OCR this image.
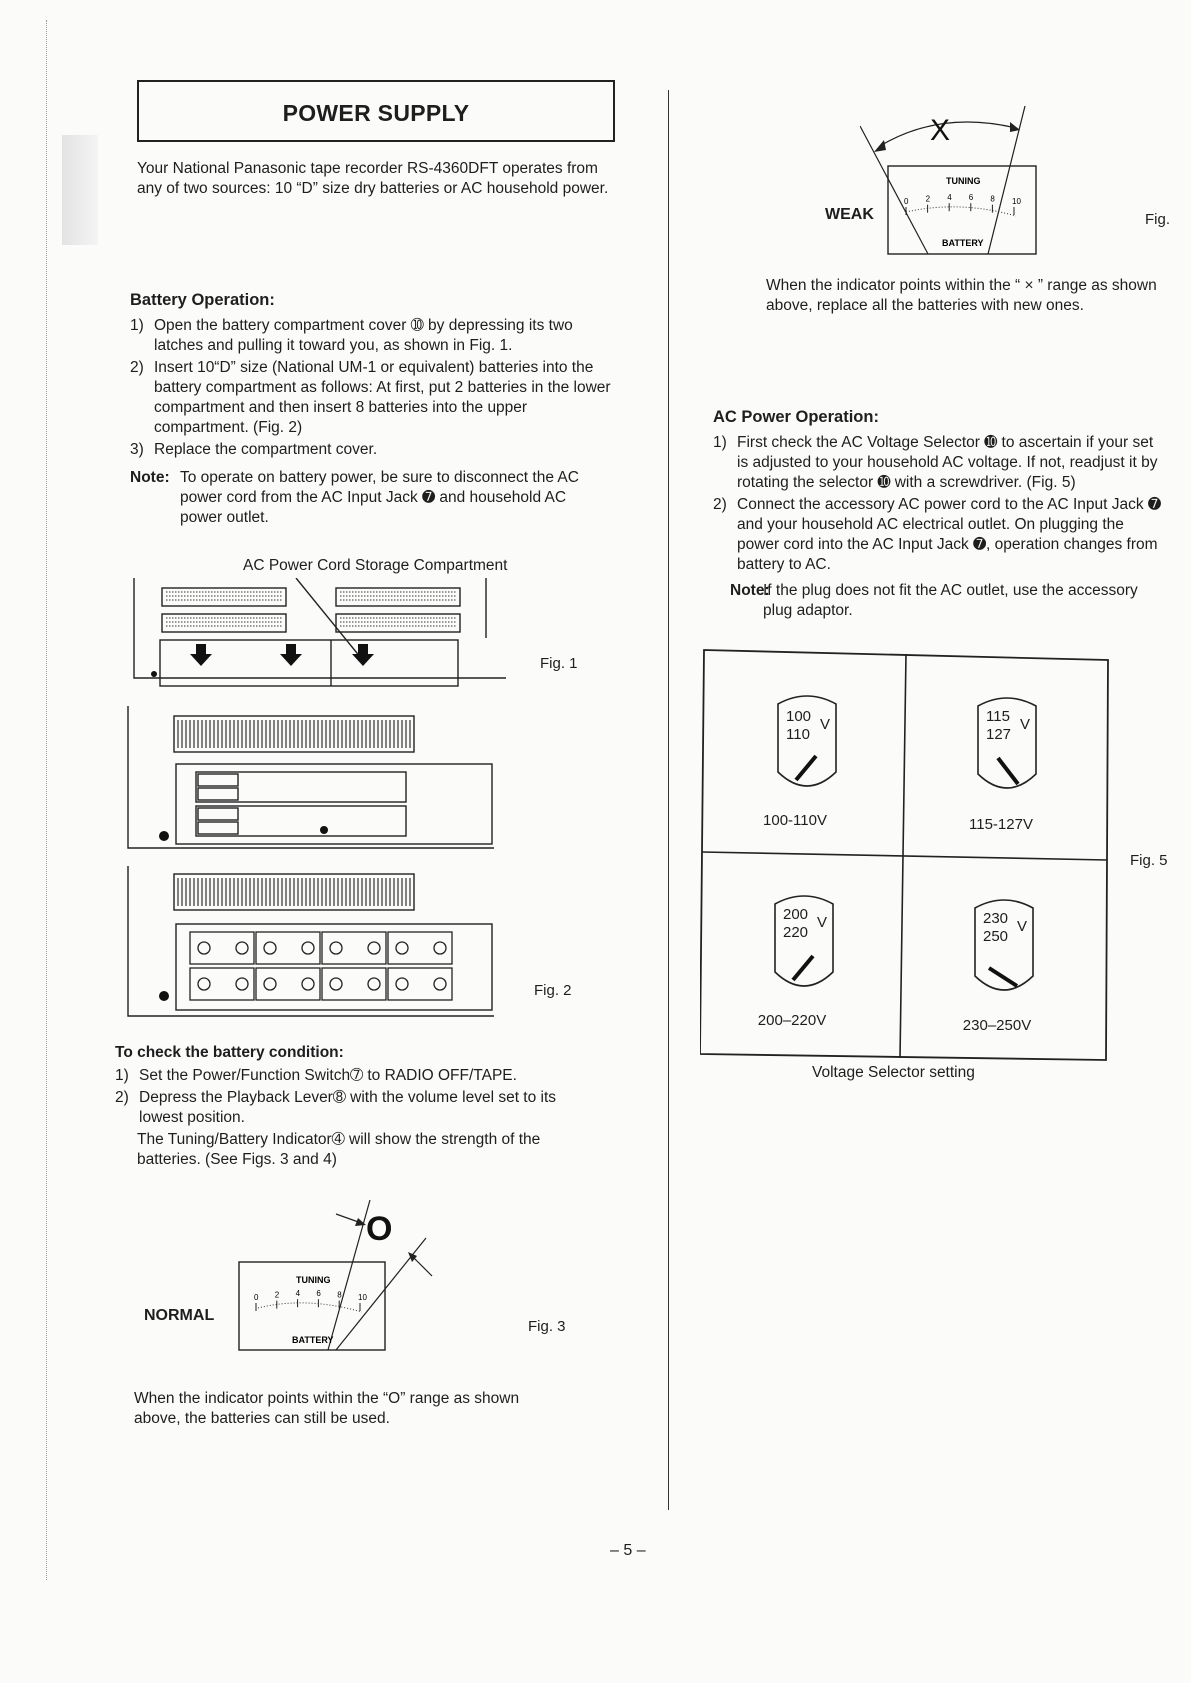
POWER SUPPLY
Your National Panasonic tape recorder RS-4360DFT operates from any of two sources: 10 “D” size dry batteries or AC household power.
Battery Operation:
1) Open the battery compartment cover ➉ by depressing its two latches and pulling it toward you, as shown in Fig. 1.
2) Insert 10“D” size (National UM-1 or equivalent) batteries into the battery compartment as follows: At first, put 2 batteries in the lower compartment and then insert 8 batteries into the upper compartment. (Fig. 2)
3) Replace the compartment cover.
Note: To operate on battery power, be sure to disconnect the AC power cord from the AC Input Jack ➐ and household AC power outlet.
AC Power Cord Storage Compartment
Fig. 1
Fig. 2
To check the battery condition:
1) Set the Power/Function Switch➆ to RADIO OFF/TAPE.
2) Depress the Playback Lever➇ with the volume level set to its lowest position.
The Tuning/Battery Indicator➃ will show the strength of the batteries. (See Figs. 3 and 4)
NORMAL
O
TUNING
0 2 4 6 8 10
BATTERY
Fig. 3
When the indicator points within the “O” range as shown above, the batteries can still be used.
WEAK
X
TUNING
0 2 4 6 8 10
BATTERY
Fig.
When the indicator points within the “ × ” range as shown above, replace all the batteries with new ones.
AC Power Operation:
1) First check the AC Voltage Selector ➓ to ascertain if your set is adjusted to your household AC voltage. If not, readjust it by rotating the selector ➓ with a screwdriver. (Fig. 5)
2) Connect the accessory AC power cord to the AC Input Jack ➐ and your household AC electrical outlet. On plugging the power cord into the AC Input Jack ➐, operation changes from battery to AC.
Note:
If the plug does not fit the AC outlet, use the accessory plug adaptor.
100
110
V
100-110V
115
127
V
115-127V
200
220
V
200–220V
230
250
V
230–250V
Fig. 5
Voltage Selector setting
– 5 –
